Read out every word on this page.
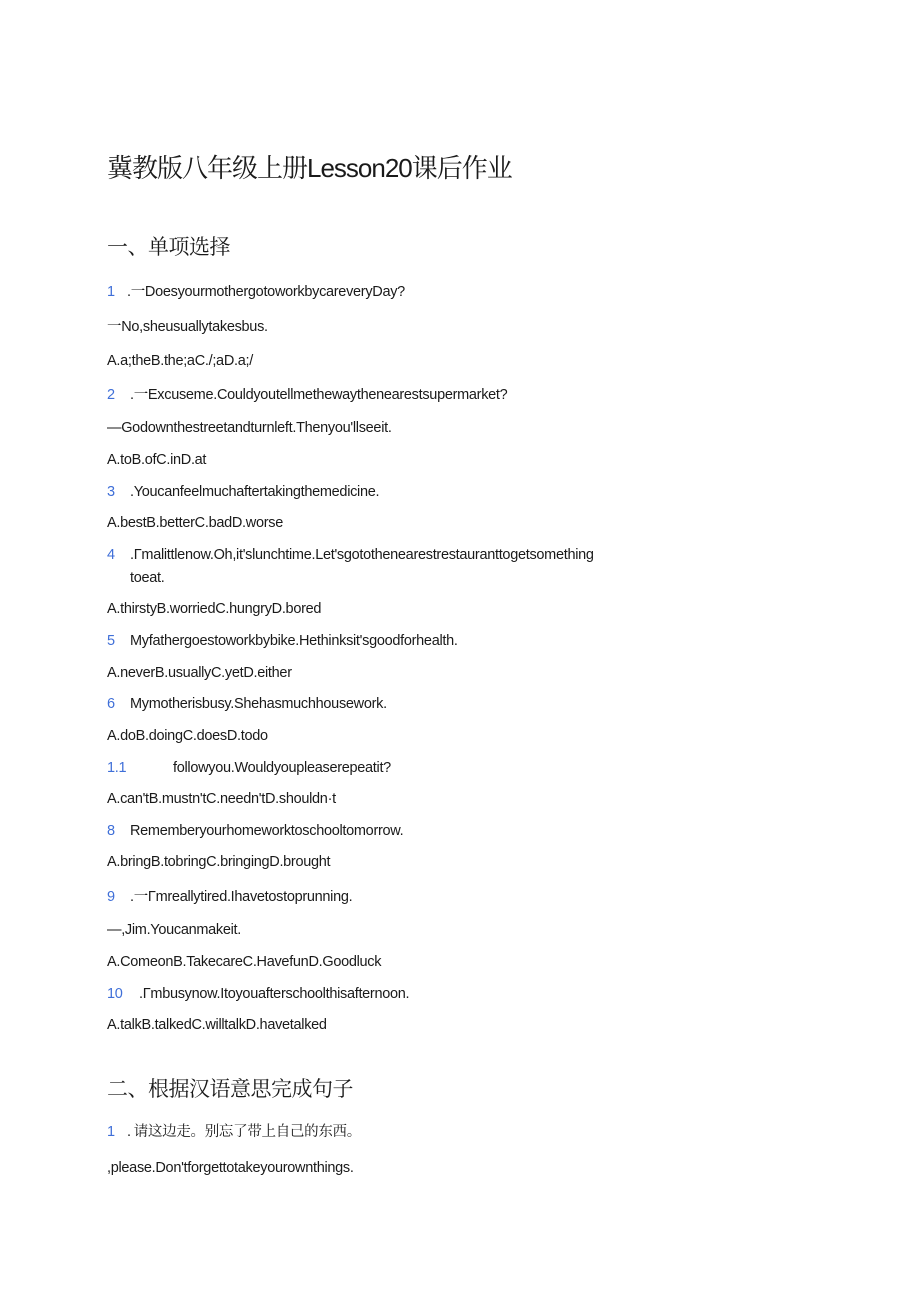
冀教版八年级上册Lesson20课后作业
一、单项选择
1 .一DoesyourmothergotoworkbycareveryDay?
一No,sheusuallytakesbus.
A.a;theB.the;aC./;aD.a;/
2 .一Excuseme.Couldyoutellmethewaythenearestsupermarket?
—Godownthestreetandturnleft.Thenyou'llseeit.
A.toB.ofC.inD.at
3 .Youcanfeelmuchaftertakingthemedicine.
A.bestB.betterC.badD.worse
4 .Γmalittlenow.Oh,it'slunchtime.Let'sgotothenearestrestauranttogetsomething
toeat.
A.thirstyB.worriedC.hungryD.bored
5 Myfathergoestoworkbybike.Hethinksit'sgoodforhealth.
A.neverB.usuallyC.yetD.either
6 Mymotherisbusy.Shehasmuchhousework.
A.doB.doingC.doesD.todo
1.1	followyou.Wouldyoupleaserepeatit?
A.can'tB.mustn'tC.needn'tD.shouldn·t
8 Rememberyourhomeworktoschooltomorrow.
A.bringB.tobringC.bringingD.brought
9 .一Γmreallytired.Ihavetostoprunning.
—,Jim.Youcanmakeit.
A.ComeonB.TakecareC.HavefunD.Goodluck
10 .Γmbusynow.Itoyouafterschoolthisafternoon.
A.talkB.talkedC.willtalkD.havetalked
二、根据汉语意思完成句子
1 . 请这边走。别忘了带上自己的东西。
,please.Don'tforgettotakeyourownthings.
